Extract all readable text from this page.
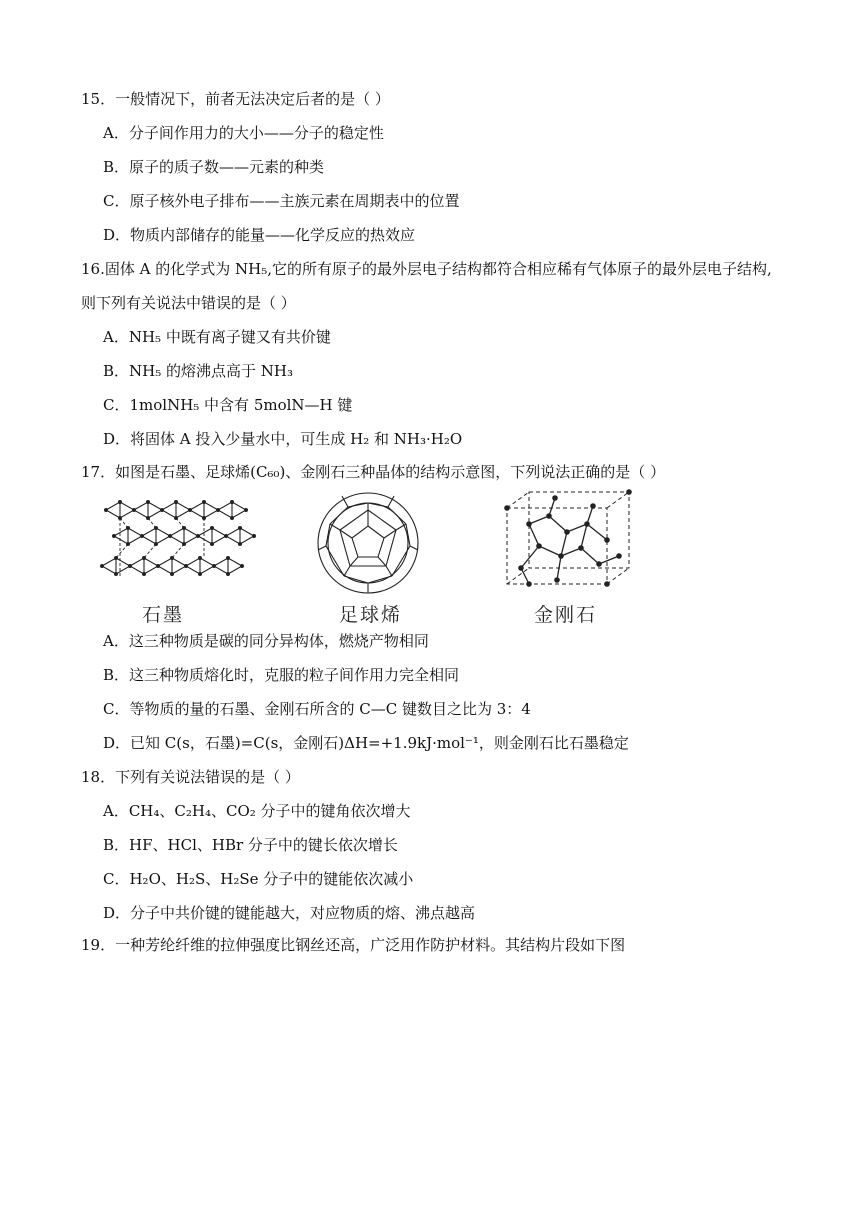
15．一般情况下，前者无法决定后者的是（ ）
A．分子间作用力的大小——分子的稳定性
B．原子的质子数——元素的种类
C．原子核外电子排布——主族元素在周期表中的位置
D．物质内部储存的能量——化学反应的热效应
16.固体 A 的化学式为 NH₅,它的所有原子的最外层电子结构都符合相应稀有气体原子的最外层电子结构,
则下列有关说法中错误的是（ ）
A．NH₅ 中既有离子键又有共价键
B．NH₅ 的熔沸点高于 NH₃
C．1molNH₅ 中含有 5molN—H 键
D．将固体 A 投入少量水中，可生成 H₂ 和 NH₃·H₂O
17．如图是石墨、足球烯(C₆₀)、金刚石三种晶体的结构示意图，下列说法正确的是（ ）
石墨	足球烯	金刚石
A．这三种物质是碳的同分异构体，燃烧产物相同
B．这三种物质熔化时，克服的粒子间作用力完全相同
C．等物质的量的石墨、金刚石所含的 C—C 键数目之比为 3：4
D．已知 C(s，石墨)=C(s，金刚石)ΔH=+1.9kJ·mol⁻¹，则金刚石比石墨稳定
18．下列有关说法错误的是（ ）
A．CH₄、C₂H₄、CO₂ 分子中的键角依次增大
B．HF、HCl、HBr 分子中的键长依次增长
C．H₂O、H₂S、H₂Se 分子中的键能依次减小
D．分子中共价键的键能越大，对应物质的熔、沸点越高
19．一种芳纶纤维的拉伸强度比钢丝还高，广泛用作防护材料。其结构片段如下图
